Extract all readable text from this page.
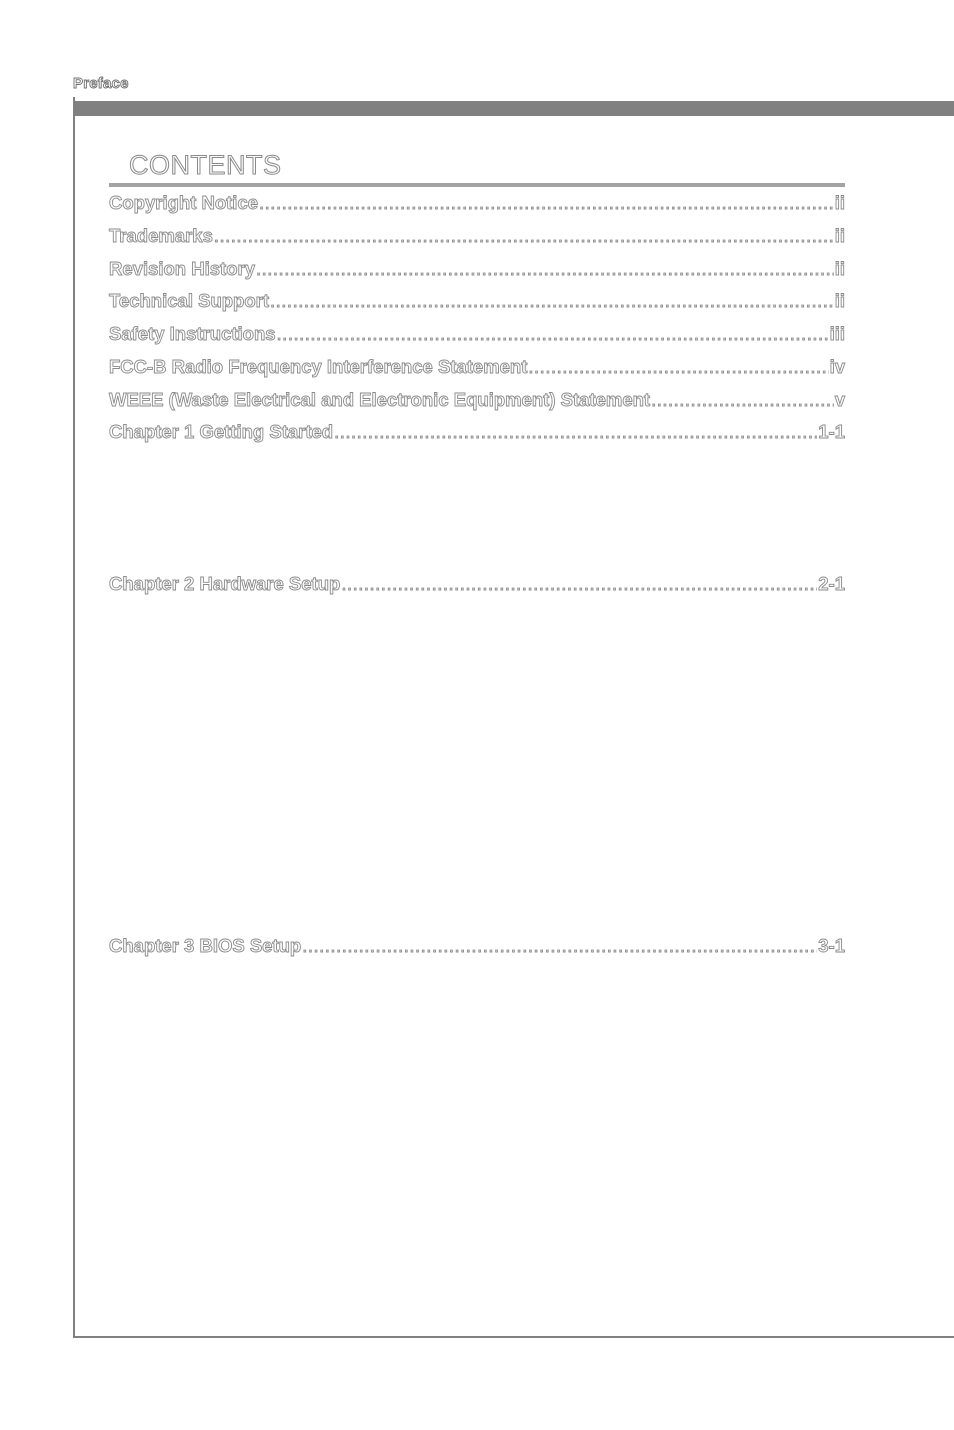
Preface
CONTENTS
Copyright Notice .....	ii
Trademarks .....	ii
Revision History .....	ii
Technical Support .....	ii
Safety Instructions .....	iii
FCC-B Radio Frequency Interference Statement .....	iv
WEEE (Waste Electrical and Electronic Equipment) Statement .....	v
Chapter 1 Getting Started .....	1-1
Chapter 2 Hardware Setup .....	2-1
Chapter 3 BIOS Setup .....	3-1
